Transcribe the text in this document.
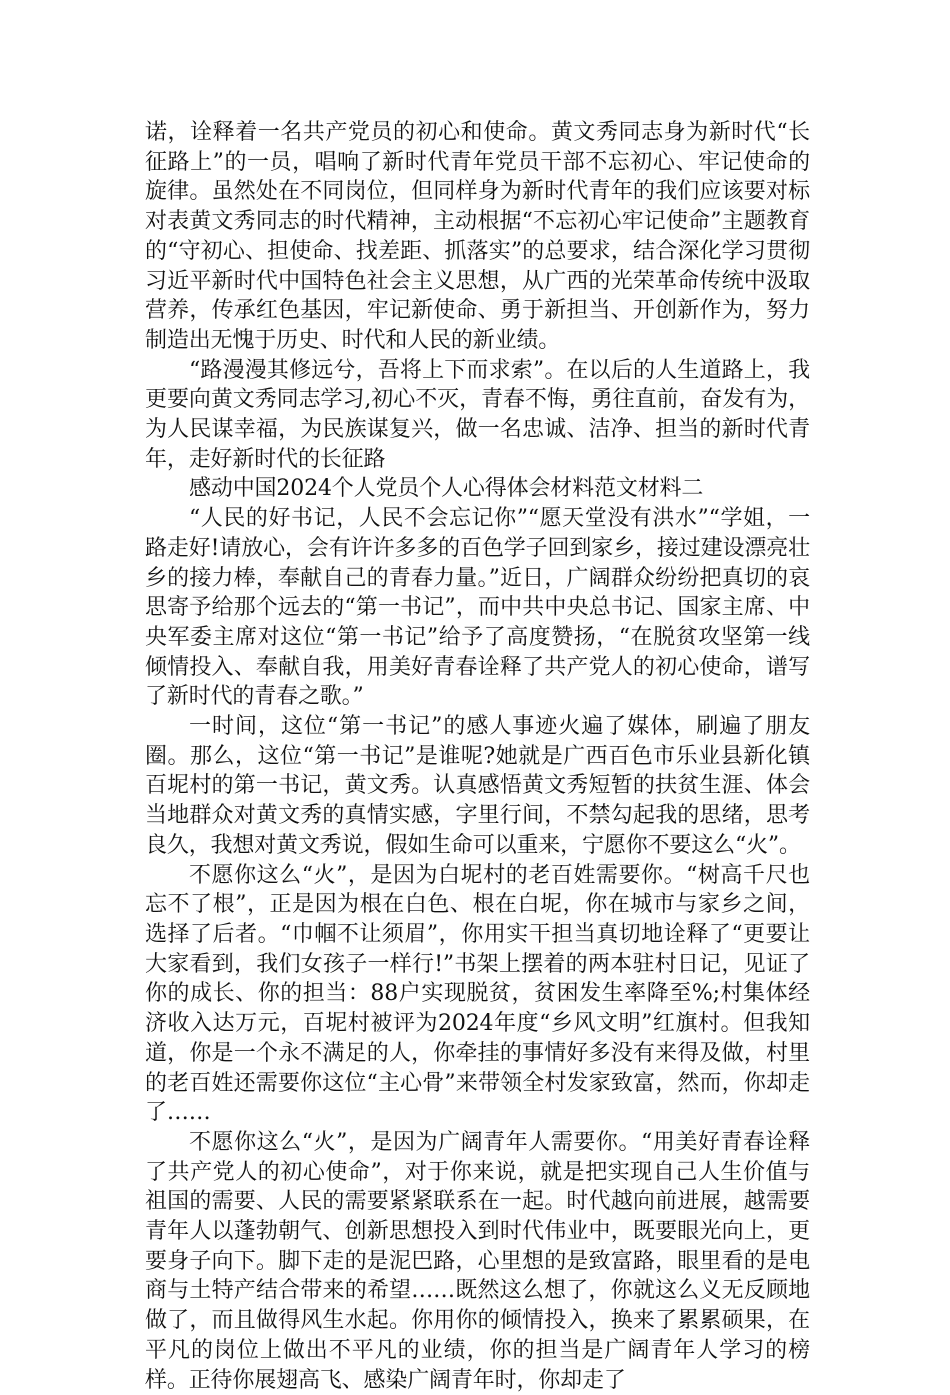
诺，诠释着一名共产党员的初心和使命。黄文秀同志身为新时代“长征路上”的一员，唱响了新时代青年党员干部不忘初心、牢记使命的旋律。虽然处在不同岗位，但同样身为新时代青年的我们应该要对标对表黄文秀同志的时代精神，主动根据“不忘初心牢记使命”主题教育的“守初心、担使命、找差距、抓落实”的总要求，结合深化学习贯彻习近平新时代中国特色社会主义思想，从广西的光荣革命传统中汲取营养，传承红色基因，牢记新使命、勇于新担当、开创新作为，努力制造出无愧于历史、时代和人民的新业绩。

“路漫漫其修远兮，吾将上下而求索”。在以后的人生道路上，我更要向黄文秀同志学习,初心不灭，青春不悔，勇往直前，奋发有为，为人民谋幸福，为民族谋复兴，做一名忠诚、洁净、担当的新时代青年，走好新时代的长征路

感动中国2024个人党员个人心得体会材料范文材料二

“人民的好书记，人民不会忘记你”“愿天堂没有洪水”“学姐，一路走好!请放心，会有许许多多的百色学子回到家乡，接过建设漂亮壮乡的接力棒，奉献自己的青春力量。”近日，广阔群众纷纷把真切的哀思寄予给那个远去的“第一书记”，而中共中央总书记、国家主席、中央军委主席对这位“第一书记”给予了高度赞扬，“在脱贫攻坚第一线倾情投入、奉献自我，用美好青春诠释了共产党人的初心使命，谱写了新时代的青春之歌。”

一时间，这位“第一书记”的感人事迹火遍了媒体，刷遍了朋友圈。那么，这位“第一书记”是谁呢?她就是广西百色市乐业县新化镇百坭村的第一书记，黄文秀。认真感悟黄文秀短暂的扶贫生涯、体会当地群众对黄文秀的真情实感，字里行间，不禁勾起我的思绪，思考良久，我想对黄文秀说，假如生命可以重来，宁愿你不要这么“火”。

不愿你这么“火”，是因为白坭村的老百姓需要你。“树高千尺也忘不了根”，正是因为根在白色、根在白坭，你在城市与家乡之间，选择了后者。“巾帼不让须眉”，你用实干担当真切地诠释了“更要让大家看到，我们女孩子一样行!”书架上摆着的两本驻村日记，见证了你的成长、你的担当：88户实现脱贫，贫困发生率降至%;村集体经济收入达万元，百坭村被评为2024年度“乡风文明”红旗村。但我知道，你是一个永不满足的人，你牵挂的事情好多没有来得及做，村里的老百姓还需要你这位“主心骨”来带领全村发家致富，然而，你却走了……

不愿你这么“火”，是因为广阔青年人需要你。“用美好青春诠释了共产党人的初心使命”，对于你来说，就是把实现自己人生价值与祖国的需要、人民的需要紧紧联系在一起。时代越向前进展，越需要青年人以蓬勃朝气、创新思想投入到时代伟业中，既要眼光向上，更要身子向下。脚下走的是泥巴路，心里想的是致富路，眼里看的是电商与土特产结合带来的希望……既然这么想了，你就这么义无反顾地做了，而且做得风生水起。你用你的倾情投入，换来了累累硕果，在平凡的岗位上做出不平凡的业绩，你的担当是广阔青年人学习的榜样。正待你展翅高飞、感染广阔青年时，你却走了
